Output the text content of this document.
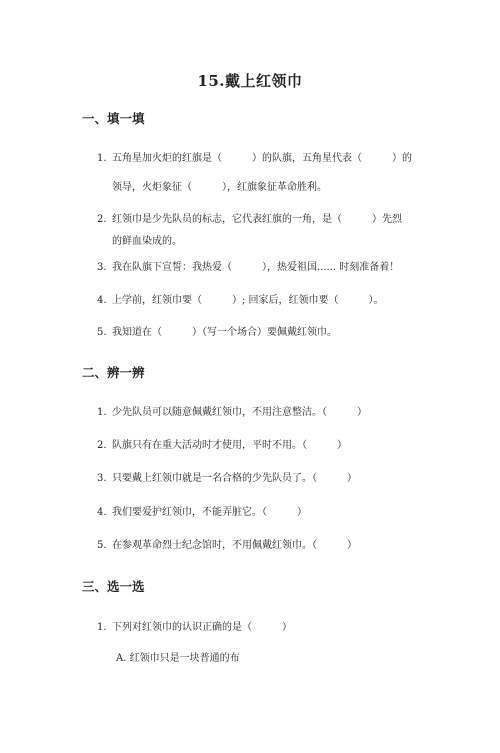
15.戴上红领巾
一、填一填
1. 五角星加火炬的红旗是（　　　）的队旗，五角星代表（　　　）的
领导，火炬象征（　　　），红旗象征革命胜利。
2. 红领巾是少先队员的标志，它代表红旗的一角，是（　　　）先烈
的鲜血染成的。
3. 我在队旗下宣誓：我热爱（　　　），热爱祖国...... 时刻准备着！
4. 上学前，红领巾要（　　　）; 回家后，红领巾要（　　　）。
5. 我知道在（　　　）（写一个场合）要佩戴红领巾。
二、辨一辨
1. 少先队员可以随意佩戴红领巾，不用注意整洁。（　　　）
2. 队旗只有在重大活动时才使用，平时不用。（　　　）
3. 只要戴上红领巾就是一名合格的少先队员了。（　　　）
4. 我们要爱护红领巾，不能弄脏它。（　　　）
5. 在参观革命烈士纪念馆时，不用佩戴红领巾。（　　　）
三、选一选
1. 下列对红领巾的认识正确的是（　　　）
A. 红领巾只是一块普通的布
